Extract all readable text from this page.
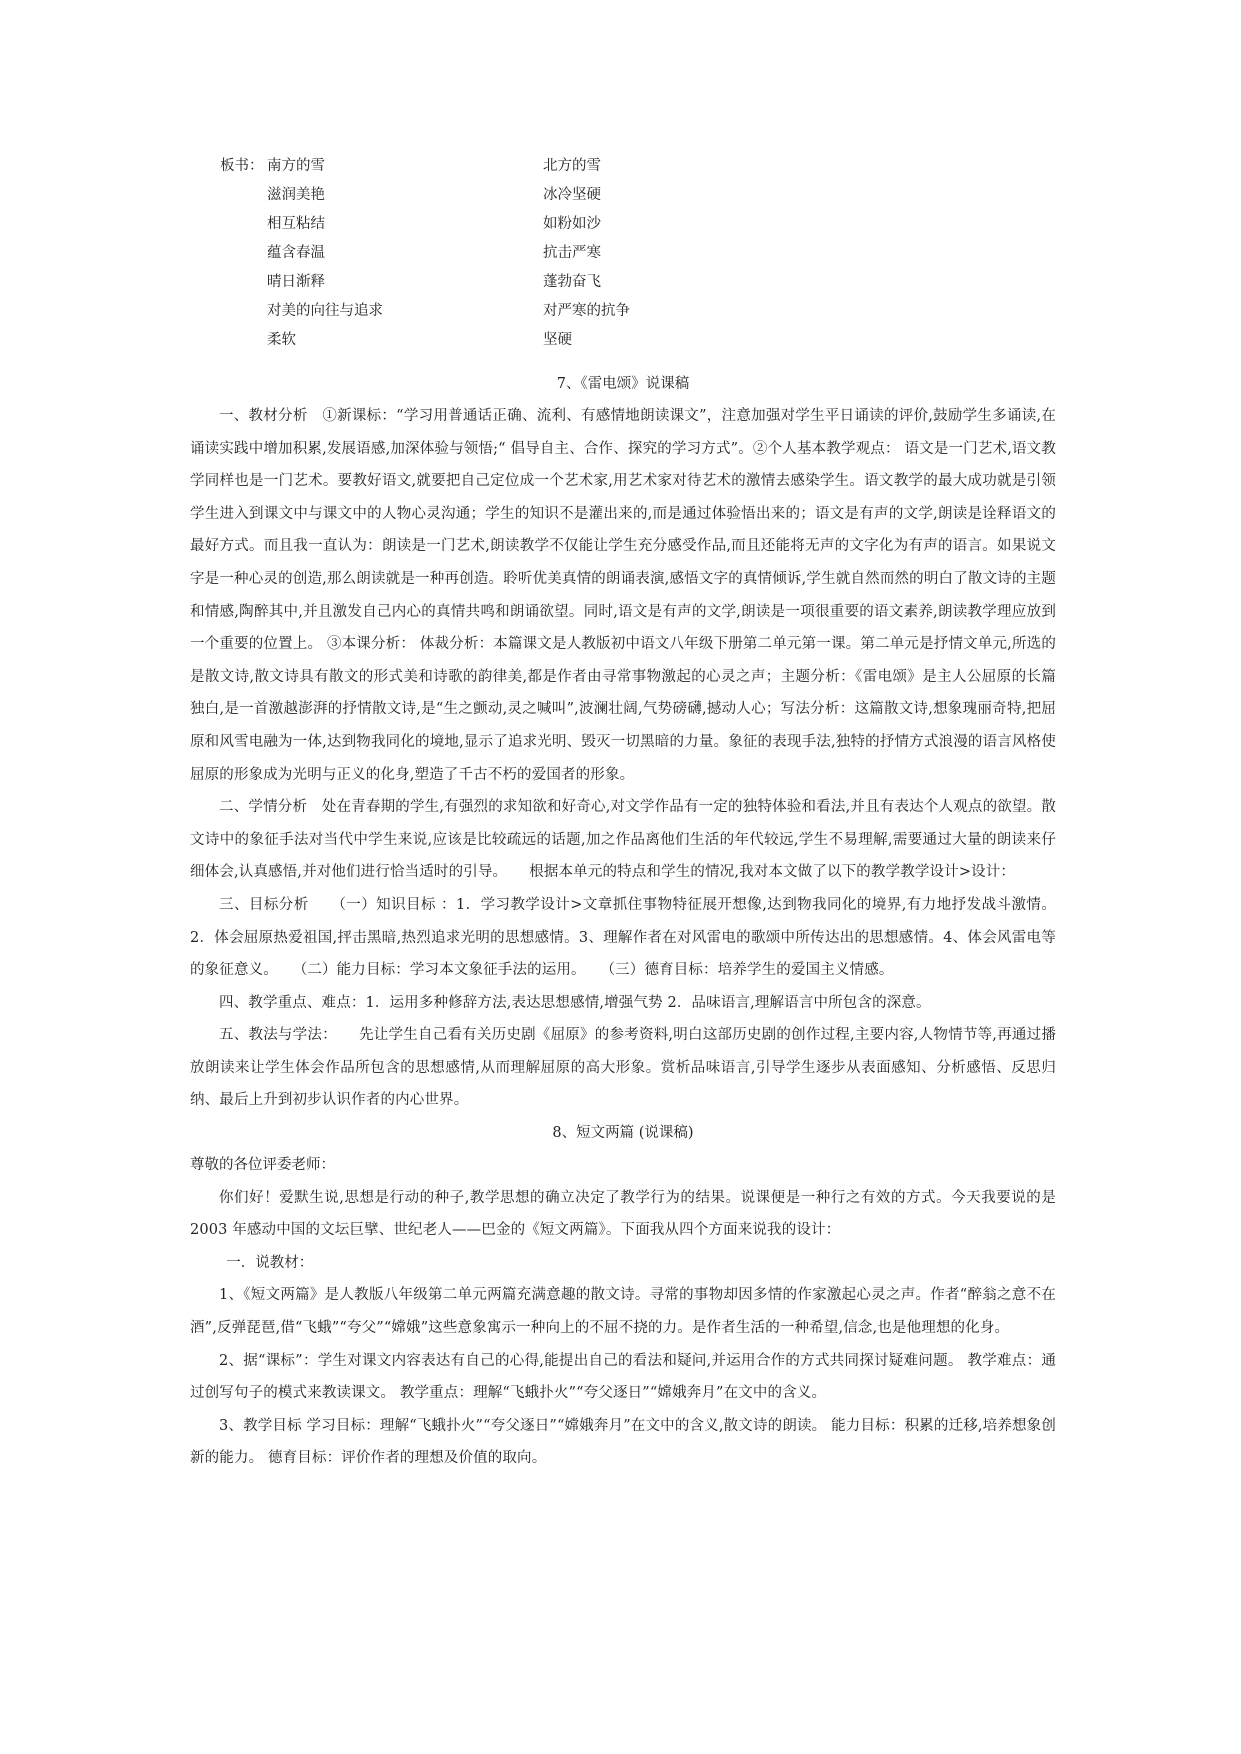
板书： 南方的雪	北方的雪
滋润美艳	冰冷坚硬
相互粘结	如粉如沙
蕴含春温	抗击严寒
晴日渐释	蓬勃奋飞
对美的向往与追求	对严寒的抗争
柔软	坚硬
7、《雷电颂》说课稿

一、教材分析　①新课标：“学习用普通话正确、流利、有感情地朗读课文”，注意加强对学生平日诵读的评价,鼓励学生多诵读,在诵读实践中增加积累,发展语感,加深体验与领悟;“ 倡导自主、合作、探究的学习方式”。②个人基本教学观点： 语文是一门艺术,语文教学同样也是一门艺术。要教好语文,就要把自己定位成一个艺术家,用艺术家对待艺术的激情去感染学生。语文教学的最大成功就是引领学生进入到课文中与课文中的人物心灵沟通；学生的知识不是灌出来的,而是通过体验悟出来的；语文是有声的文学,朗读是诠释语文的最好方式。而且我一直认为：朗读是一门艺术,朗读教学不仅能让学生充分感受作品,而且还能将无声的文字化为有声的语言。如果说文字是一种心灵的创造,那么朗读就是一种再创造。聆听优美真情的朗诵表演,感悟文字的真情倾诉,学生就自然而然的明白了散文诗的主题和情感,陶醉其中,并且激发自己内心的真情共鸣和朗诵欲望。同时,语文是有声的文学,朗读是一项很重要的语文素养,朗读教学理应放到一个重要的位置上。 ③本课分析： 体裁分析：本篇课文是人教版初中语文八年级下册第二单元第一课。第二单元是抒情文单元,所选的是散文诗,散文诗具有散文的形式美和诗歌的韵律美,都是作者由寻常事物激起的心灵之声；主题分析：《雷电颂》是主人公屈原的长篇独白,是一首激越澎湃的抒情散文诗,是“生之颤动,灵之喊叫”,波澜壮阔,气势磅礴,撼动人心；写法分析：这篇散文诗,想象瑰丽奇特,把屈原和风雪电融为一体,达到物我同化的境地,显示了追求光明、毁灭一切黑暗的力量。象征的表现手法,独特的抒情方式浪漫的语言风格使屈原的形象成为光明与正义的化身,塑造了千古不朽的爱国者的形象。

二、学情分析　处在青春期的学生,有强烈的求知欲和好奇心,对文学作品有一定的独特体验和看法,并且有表达个人观点的欲望。散文诗中的象征手法对当代中学生来说,应该是比较疏远的话题,加之作品离他们生活的年代较远,学生不易理解,需要通过大量的朗读来仔细体会,认真感悟,并对他们进行恰当适时的引导。　　根据本单元的特点和学生的情况,我对本文做了以下的教学教学设计>设计：

三、目标分析　　（一）知识目标 ：1．学习教学设计>文章抓住事物特征展开想像,达到物我同化的境界,有力地抒发战斗激情。2．体会屈原热爱祖国,抨击黑暗,热烈追求光明的思想感情。3、理解作者在对风雷电的歌颂中所传达出的思想感情。4、体会风雷电等的象征意义。　　（二）能力目标：学习本文象征手法的运用。　　（三）德育目标：培养学生的爱国主义情感。

四、教学重点、难点：1．运用多种修辞方法,表达思想感情,增强气势 2．品味语言,理解语言中所包含的深意。

五、教法与学法：　　先让学生自己看有关历史剧《屈原》的参考资料,明白这部历史剧的创作过程,主要内容,人物情节等,再通过播放朗读来让学生体会作品所包含的思想感情,从而理解屈原的高大形象。赏析品味语言,引导学生逐步从表面感知、分析感悟、反思归纳、最后上升到初步认识作者的内心世界。

8、短文两篇 (说课稿)

尊敬的各位评委老师：

你们好！爱默生说,思想是行动的种子,教学思想的确立决定了教学行为的结果。说课便是一种行之有效的方式。今天我要说的是 2003 年感动中国的文坛巨擘、世纪老人——巴金的《短文两篇》。下面我从四个方面来说我的设计：

一．说教材：

1、《短文两篇》是人教版八年级第二单元两篇充满意趣的散文诗。寻常的事物却因多情的作家激起心灵之声。作者“醉翁之意不在酒”,反弹琵琶,借“飞蛾”“夸父”“嫦娥”这些意象寓示一种向上的不屈不挠的力。是作者生活的一种希望,信念,也是他理想的化身。

2、据“课标”：学生对课文内容表达有自己的心得,能提出自己的看法和疑问,并运用合作的方式共同探讨疑难问题。 教学难点：通过创写句子的模式来教读课文。 教学重点：理解“飞蛾扑火”“夸父逐日”“嫦娥奔月”在文中的含义。

3、教学目标 学习目标：理解“飞蛾扑火”“夸父逐日”“嫦娥奔月”在文中的含义,散文诗的朗读。 能力目标：积累的迁移,培养想象创新的能力。 德育目标：评价作者的理想及价值的取向。
